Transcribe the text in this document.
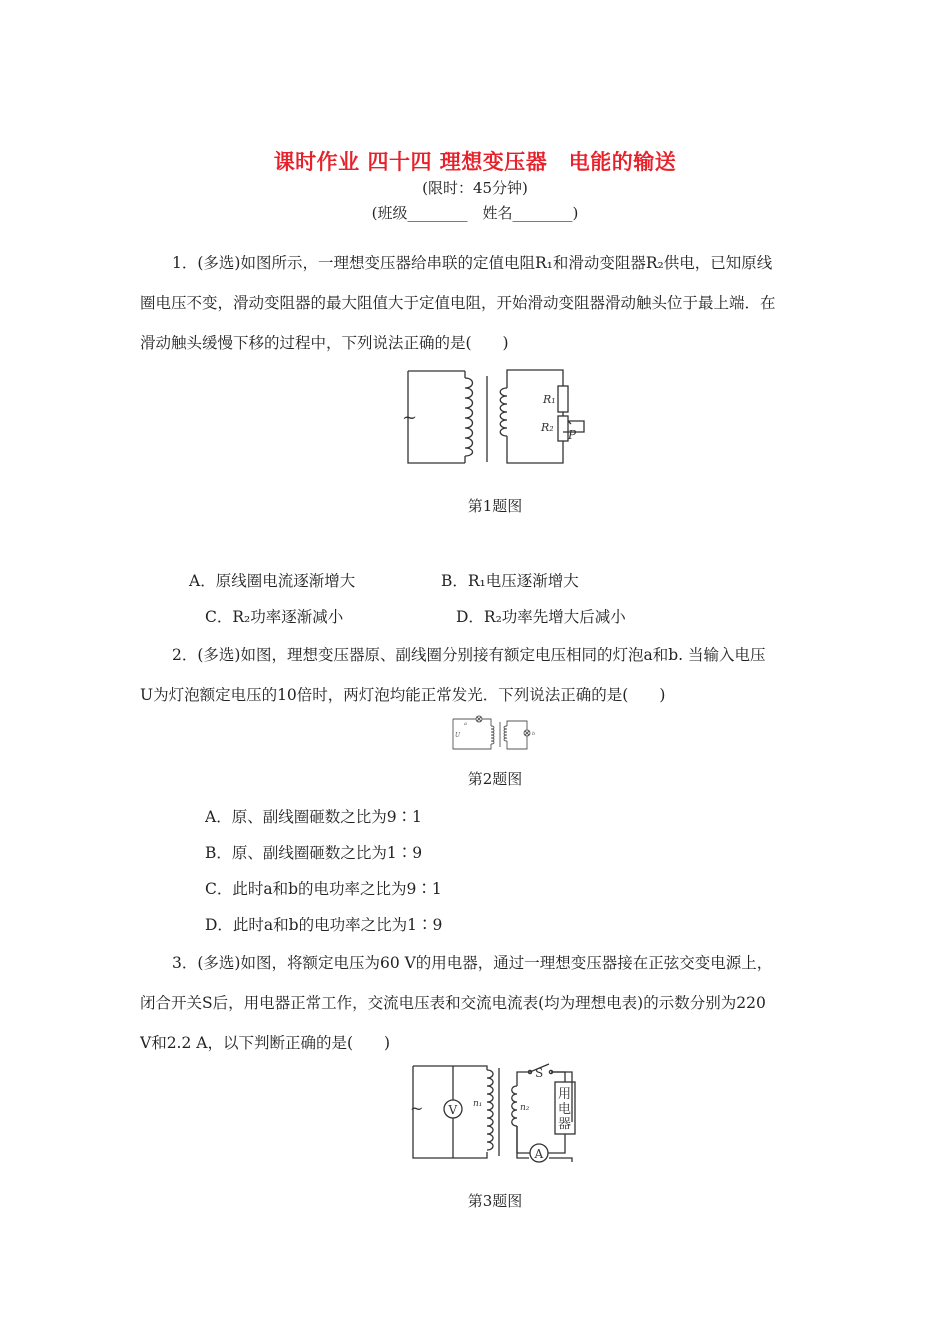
课时作业 四十四 理想变压器　电能的输送
(限时：45分钟)
(班级________　姓名________)
1．(多选)如图所示，一理想变压器给串联的定值电阻R₁和滑动变阻器R₂供电，已知原线
圈电压不变，滑动变阻器的最大阻值大于定值电阻，开始滑动变阻器滑动触头位于最上端．在
滑动触头缓慢下移的过程中，下列说法正确的是(　　)
~
R₁
R₂
P
第1题图
A．原线圈电流逐渐增大	B．R₁电压逐渐增大
C．R₂功率逐渐减小	D．R₂功率先增大后减小
2．(多选)如图，理想变压器原、副线圈分别接有额定电压相同的灯泡a和b. 当输入电压
U为灯泡额定电压的10倍时，两灯泡均能正常发光．下列说法正确的是(　　)
a
b
U
第2题图
A．原、副线圈砸数之比为9∶1
B．原、副线圈砸数之比为1∶9
C．此时a和b的电功率之比为9∶1
D．此时a和b的电功率之比为1∶9
3．(多选)如图，将额定电压为60 V的用电器，通过一理想变压器接在正弦交变电源上，
闭合开关S后，用电器正常工作，交流电压表和交流电流表(均为理想电表)的示数分别为220
V和2.2 A，以下判断正确的是(　　)
~ V
A
S
n₁	n₂
用
电
器
第3题图
